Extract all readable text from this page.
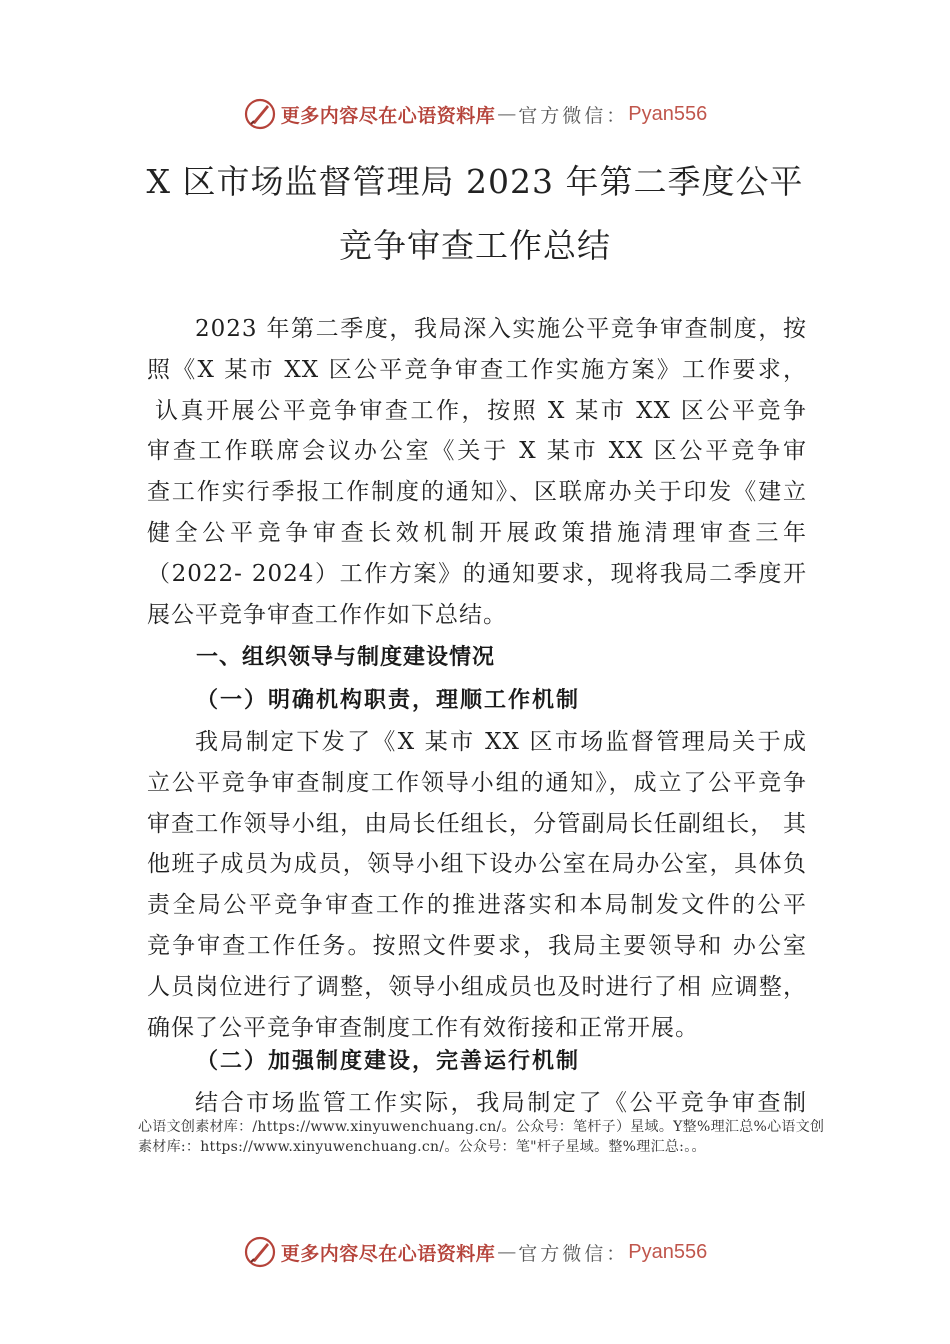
更多内容尽在心语资料库 — 官方微信： Pyan556
X 区市场监督管理局 2023 年第二季度公平
竞争审查工作总结
2023 年第二季度，我局深入实施公平竞争审查制度，按
照《X 某市 XX 区公平竞争审查工作实施方案》工作要求，
认真开展公平竞争审查工作，按照 X 某市 XX 区公平竞争
审查工作联席会议办公室《关于 X 某市 XX 区公平竞争审
查工作实行季报工作制度的通知》、区联席办关于印发《建立
健全公平竞争审查长效机制开展政策措施清理审查三年
（2022- 2024）工作方案》的通知要求，现将我局二季度开
展公平竞争审查工作作如下总结。
一、组织领导与制度建设情况
（一）明确机构职责，理顺工作机制
我局制定下发了《X 某市 XX 区市场监督管理局关于成
立公平竞争审查制度工作领导小组的通知》，成立了公平竞争
审查工作领导小组，由局长任组长，分管副局长任副组长， 其
他班子成员为成员，领导小组下设办公室在局办公室，具体负
责全局公平竞争审查工作的推进落实和本局制发文件的公平
竞争审查工作任务。按照文件要求，我局主要领导和 办公室
人员岗位进行了调整，领导小组成员也及时进行了相 应调整，
确保了公平竞争审查制度工作有效衔接和正常开展。
（二）加强制度建设，完善运行机制
结合市场监管工作实际，我局制定了《公平竞争审查制
心语文创素材库：/https://www.xinyuwenchuang.cn/。公众号：笔杆子）星域。Y整%理汇总%心语文创素材库:：https://www.xinyuwenchuang.cn/。公众号：笔"杆子星域。整%理汇总:。。
更多内容尽在心语资料库 — 官方微信： Pyan556
